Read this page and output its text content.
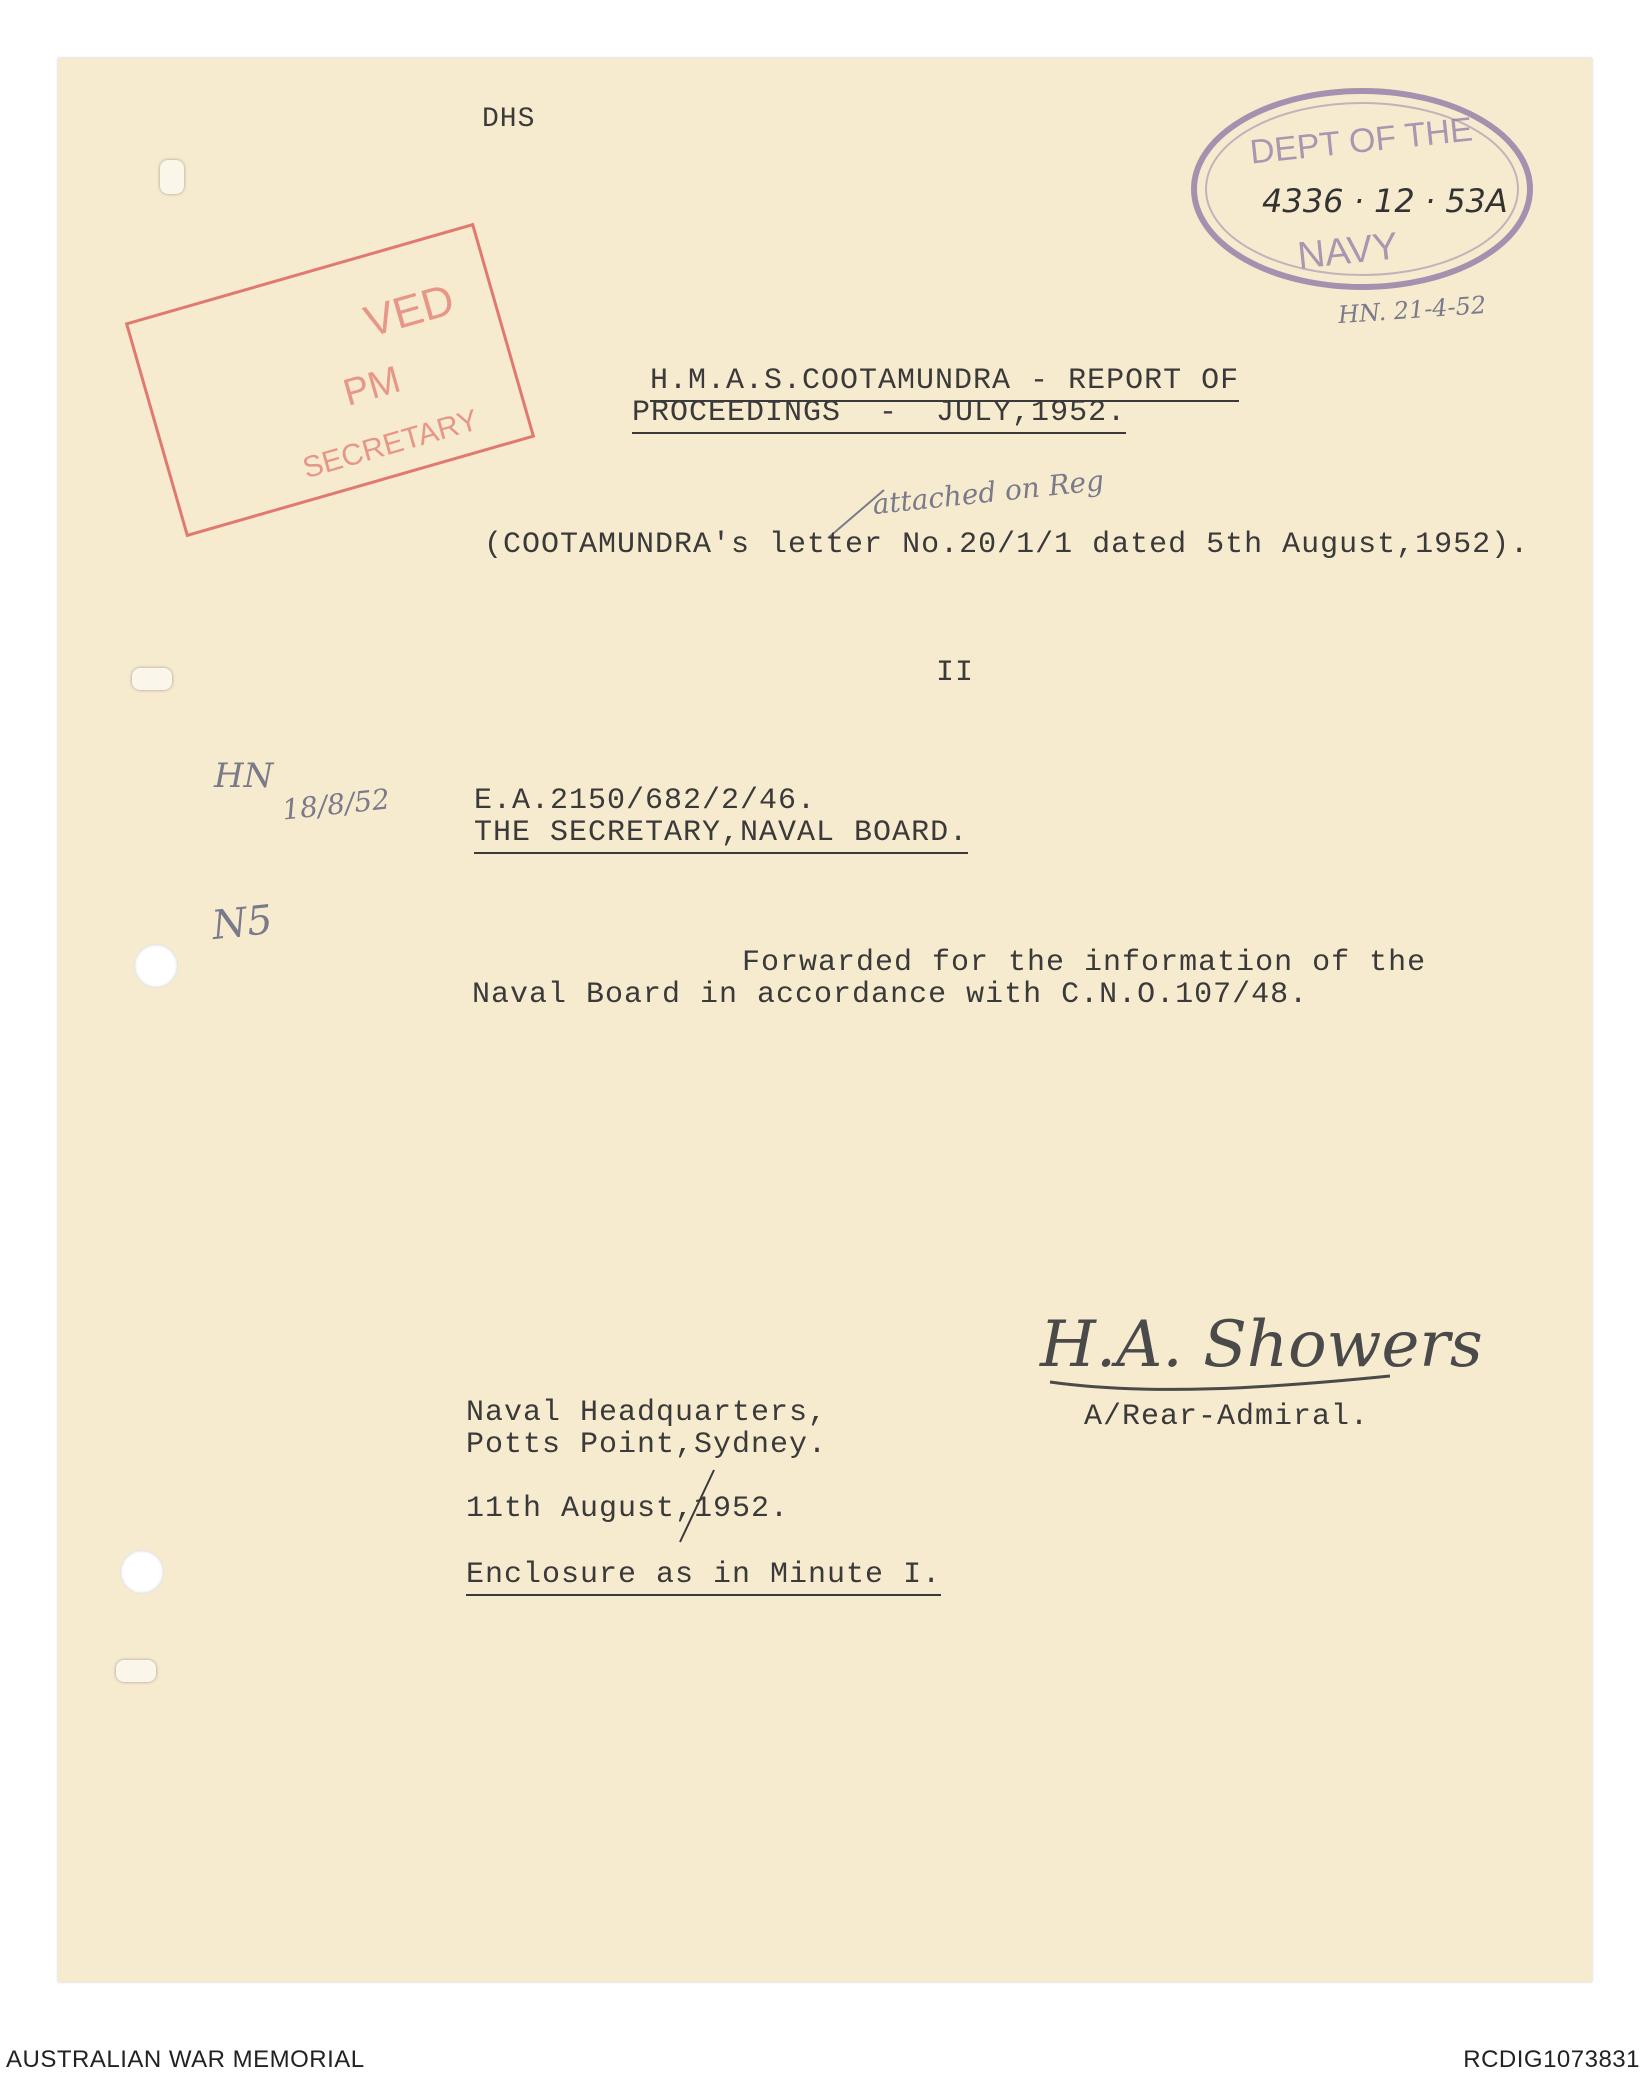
VED
PM
SECRETARY
DEPT OF THE
NAVY
4336 · 12 · 53A
HN. 21-4-52
DHS
H.M.A.S.COOTAMUNDRA - REPORT OF
PROCEEDINGS  -  JULY,1952.
attached on Reg
(COOTAMUNDRA's letter No.20/1/1 dated 5th August,1952).
II
HN
18/8/52
N5
E.A.2150/682/2/46.
THE SECRETARY,NAVAL BOARD.
Forwarded for the information of the
Naval Board in accordance with C.N.O.107/48.
H.A. Showers
A/Rear-Admiral.
Naval Headquarters,
Potts Point,Sydney.
11th August,1952.
Enclosure as in Minute I.
AUSTRALIAN WAR MEMORIAL	RCDIG1073831
